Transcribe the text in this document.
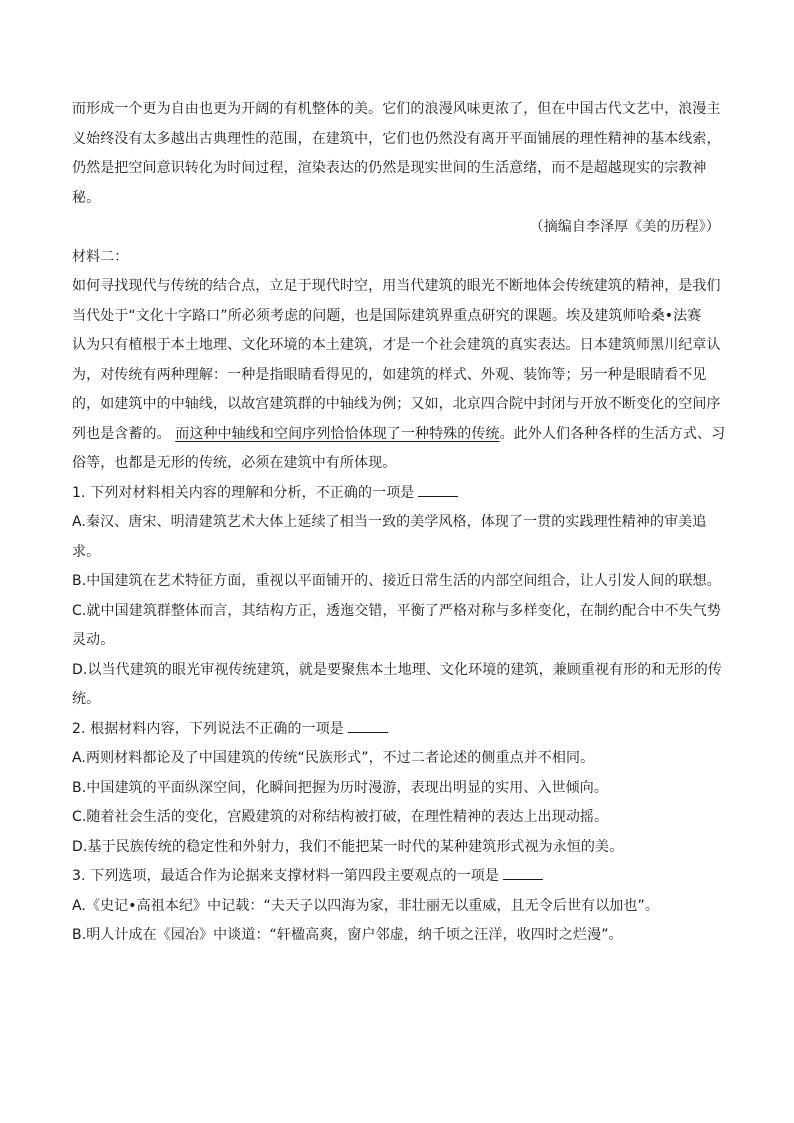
而形成一个更为自由也更为开阔的有机整体的美。它们的浪漫风味更浓了，但在中国古代文艺中，浪漫主
义始终没有太多越出古典理性的范围，在建筑中，它们也仍然没有离开平面铺展的理性精神的基本线索，
仍然是把空间意识转化为时间过程，渲染表达的仍然是现实世间的生活意绪，而不是超越现实的宗教神
秘。
（摘编自李泽厚《美的历程》）
材料二：
如何寻找现代与传统的结合点，立足于现代时空，用当代建筑的眼光不断地体会传统建筑的精神，是我们
当代处于“文化十字路口”所必须考虑的问题，也是国际建筑界重点研究的课题。埃及建筑师哈桑•法赛
认为只有植根于本土地理、文化环境的本土建筑，才是一个社会建筑的真实表达。日本建筑师黑川纪章认
为，对传统有两种理解：一种是指眼睛看得见的，如建筑的样式、外观、装饰等；另一种是眼睛看不见
的，如建筑中的中轴线，以故宫建筑群的中轴线为例；又如，北京四合院中封闭与开放不断变化的空间序
列也是含蓄的。 而这种中轴线和空间序列恰恰体现了一种特殊的传统。此外人们各种各样的生活方式、习
俗等，也都是无形的传统，必须在建筑中有所体现。
1. 下列对材料相关内容的理解和分析，不正确的一项是
A.秦汉、唐宋、明清建筑艺术大体上延续了相当一致的美学风格，体现了一贯的实践理性精神的审美追
求。
B.中国建筑在艺术特征方面，重视以平面铺开的、接近日常生活的内部空间组合，让人引发人间的联想。
C.就中国建筑群整体而言，其结构方正，透迤交错，平衡了严格对称与多样变化，在制约配合中不失气势
灵动。
D.以当代建筑的眼光审视传统建筑，就是要聚焦本土地理、文化环境的建筑，兼顾重视有形的和无形的传
统。
2. 根据材料内容，下列说法不正确的一项是
A.两则材料都论及了中国建筑的传统“民族形式”，不过二者论述的侧重点并不相同。
B.中国建筑的平面纵深空间，化瞬间把握为历时漫游，表现出明显的实用、入世倾向。
C.随着社会生活的变化，宫殿建筑的对称结构被打破，在理性精神的表达上出现动摇。
D.基于民族传统的稳定性和外射力，我们不能把某一时代的某种建筑形式视为永恒的美。
3. 下列选项，最适合作为论据来支撑材料一第四段主要观点的一项是
A.《史记•高祖本纪》中记载：“夫天子以四海为家，非壮丽无以重威，且无令后世有以加也”。
B.明人计成在《园冶》中谈道：“轩楹高爽，窗户邻虚，纳千顷之汪洋，收四时之烂漫”。
